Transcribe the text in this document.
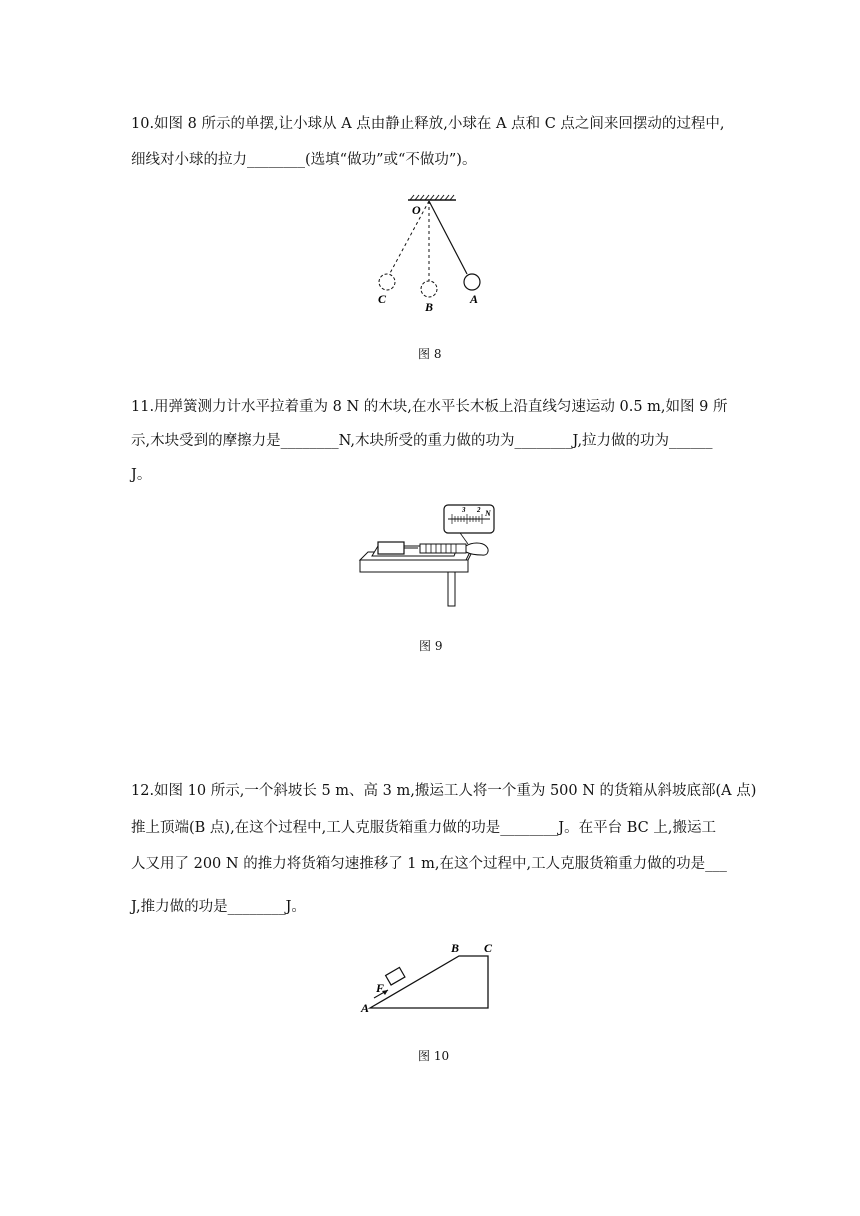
10.如图 8 所示的单摆,让小球从 A 点由静止释放,小球在 A 点和 C 点之间来回摆动的过程中,
细线对小球的拉力________(选填“做功”或“不做功”)。
O
C
B
A
图 8
11.用弹簧测力计水平拉着重为 8 N 的木块,在水平长木板上沿直线匀速运动 0.5 m,如图 9 所
示,木块受到的摩擦力是________N,木块所受的重力做的功为________J,拉力做的功为______
J。
N
2
3
图 9
12.如图 10 所示,一个斜坡长 5 m、高 3 m,搬运工人将一个重为 500 N 的货箱从斜坡底部(A 点)
推上顶端(B 点),在这个过程中,工人克服货箱重力做的功是________J。在平台 BC 上,搬运工
人又用了 200 N 的推力将货箱匀速推移了 1 m,在这个过程中,工人克服货箱重力做的功是___
J,推力做的功是________J。
A
F
B C
图 10
